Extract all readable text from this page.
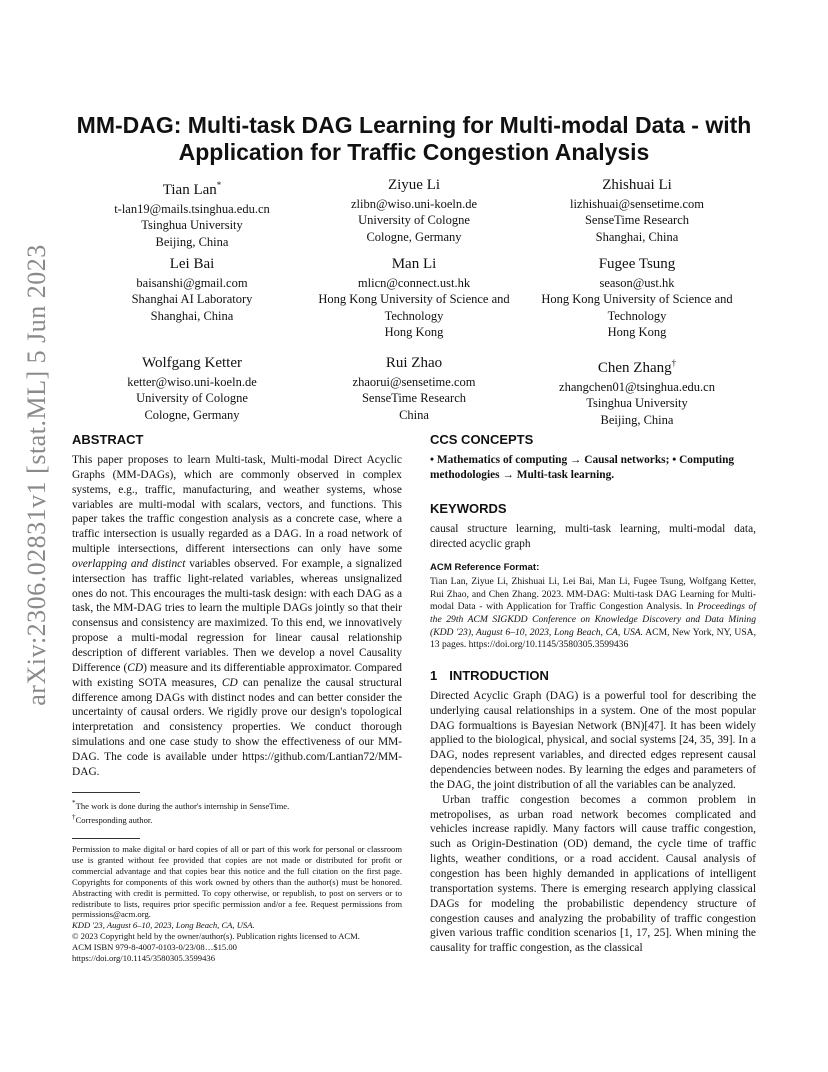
arXiv:2306.02831v1 [stat.ML] 5 Jun 2023
MM-DAG: Multi-task DAG Learning for Multi-modal Data - with
Application for Traffic Congestion Analysis
Tian Lan*
t-lan19@mails.tsinghua.edu.cn
Tsinghua University
Beijing, China
Ziyue Li
zlibn@wiso.uni-koeln.de
University of Cologne
Cologne, Germany
Zhishuai Li
lizhishuai@sensetime.com
SenseTime Research
Shanghai, China
Lei Bai
baisanshi@gmail.com
Shanghai AI Laboratory
Shanghai, China
Man Li
mlicn@connect.ust.hk
Hong Kong University of Science and
Technology
Hong Kong
Fugee Tsung
season@ust.hk
Hong Kong University of Science and
Technology
Hong Kong
Wolfgang Ketter
ketter@wiso.uni-koeln.de
University of Cologne
Cologne, Germany
Rui Zhao
zhaorui@sensetime.com
SenseTime Research
China
Chen Zhang†
zhangchen01@tsinghua.edu.cn
Tsinghua University
Beijing, China
ABSTRACT

This paper proposes to learn Multi-task, Multi-modal Direct Acyclic Graphs (MM-DAGs), which are commonly observed in complex systems, e.g., traffic, manufacturing, and weather systems, whose variables are multi-modal with scalars, vectors, and functions. This paper takes the traffic congestion analysis as a concrete case, where a traffic intersection is usually regarded as a DAG. In a road network of multiple intersections, different intersections can only have some overlapping and distinct variables observed. For example, a signalized intersection has traffic light-related variables, whereas unsignalized ones do not. This encourages the multi-task design: with each DAG as a task, the MM-DAG tries to learn the multiple DAGs jointly so that their consensus and consistency are maximized. To this end, we innovatively propose a multi-modal regression for linear causal relationship description of different variables. Then we develop a novel Causality Difference (CD) measure and its differentiable approximator. Compared with existing SOTA measures, CD can penalize the causal structural difference among DAGs with distinct nodes and can better consider the uncertainty of causal orders. We rigidly prove our design's topological interpretation and consistency properties. We conduct thorough simulations and one case study to show the effectiveness of our MM-DAG. The code is available under https://github.com/Lantian72/MM-DAG.

*The work is done during the author's internship in SenseTime.
†Corresponding author.
Permission to make digital or hard copies of all or part of this work for personal or classroom use is granted without fee provided that copies are not made or distributed for profit or commercial advantage and that copies bear this notice and the full citation on the first page. Copyrights for components of this work owned by others than the author(s) must be honored. Abstracting with credit is permitted. To copy otherwise, or republish, to post on servers or to redistribute to lists, requires prior specific permission and/or a fee. Request permissions from permissions@acm.org.
KDD '23, August 6–10, 2023, Long Beach, CA, USA.
© 2023 Copyright held by the owner/author(s). Publication rights licensed to ACM.
ACM ISBN 979-8-4007-0103-0/23/08…$15.00
https://doi.org/10.1145/3580305.3599436
CCS CONCEPTS

• Mathematics of computing → Causal networks; • Computing methodologies → Multi-task learning.

KEYWORDS

causal structure learning, multi-task learning, multi-modal data, directed acyclic graph

ACM Reference Format:

Tian Lan, Ziyue Li, Zhishuai Li, Lei Bai, Man Li, Fugee Tsung, Wolfgang Ketter, Rui Zhao, and Chen Zhang. 2023. MM-DAG: Multi-task DAG Learning for Multi-modal Data - with Application for Traffic Congestion Analysis. In Proceedings of the 29th ACM SIGKDD Conference on Knowledge Discovery and Data Mining (KDD '23), August 6–10, 2023, Long Beach, CA, USA. ACM, New York, NY, USA, 13 pages. https://doi.org/10.1145/3580305.3599436

1 INTRODUCTION

Directed Acyclic Graph (DAG) is a powerful tool for describing the underlying causal relationships in a system. One of the most popular DAG formualtions is Bayesian Network (BN)[47]. It has been widely applied to the biological, physical, and social systems [24, 35, 39]. In a DAG, nodes represent variables, and directed edges represent causal dependencies between nodes. By learning the edges and parameters of the DAG, the joint distribution of all the variables can be analyzed.

Urban traffic congestion becomes a common problem in metropolises, as urban road network becomes complicated and vehicles increase rapidly. Many factors will cause traffic congestion, such as Origin-Destination (OD) demand, the cycle time of traffic lights, weather conditions, or a road accident. Causal analysis of congestion has been highly demanded in applications of intelligent transportation systems. There is emerging research applying classical DAGs for modeling the probabilistic dependency structure of congestion causes and analyzing the probability of traffic congestion given various traffic condition scenarios [1, 17, 25]. When mining the causality for traffic congestion, as the classical
